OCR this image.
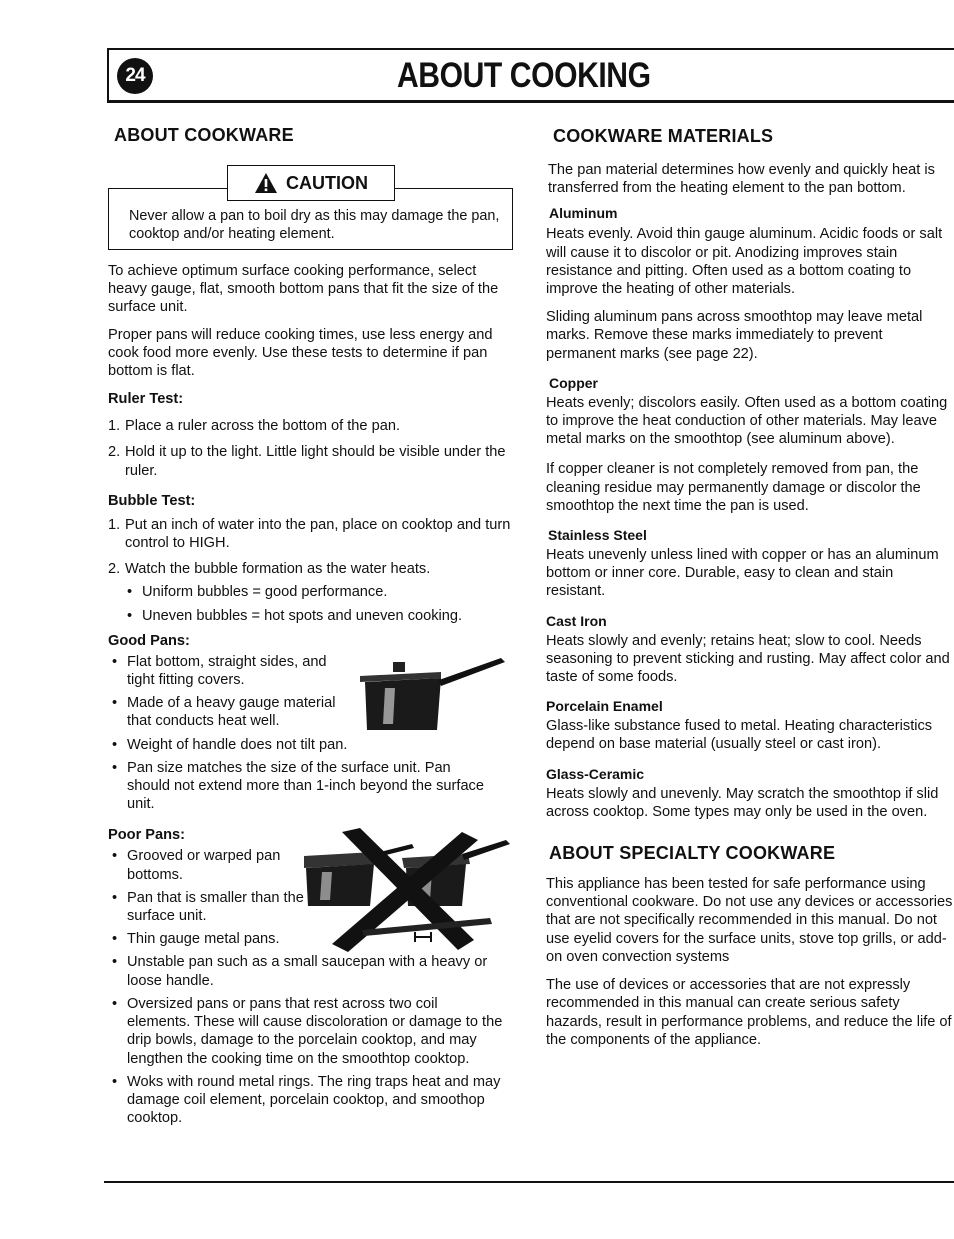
24	ABOUT COOKING
ABOUT COOKWARE
CAUTION

Never allow a pan to boil dry as this may damage the pan, cooktop and/or heating element.

To achieve optimum surface cooking performance, select heavy gauge, flat, smooth bottom pans that fit the size of the surface unit.

Proper pans will reduce cooking times, use less energy and cook food more evenly. Use these tests to determine if pan bottom is flat.

Ruler Test:
1. Place a ruler across the bottom of the pan.
2. Hold it up to the light. Little light should be visible under the ruler.
Bubble Test:
1. Put an inch of water into the pan, place on cooktop and turn control to HIGH.
2. Watch the bubble formation as the water heats.
• Uniform bubbles = good performance.
• Uneven bubbles = hot spots and uneven cooking.
Good Pans:
• Flat bottom, straight sides, and tight fitting covers.
• Made of a heavy gauge material that conducts heat well.
• Weight of handle does not tilt pan.
• Pan size matches the size of the surface unit. Pan should not extend more than 1-inch beyond the surface unit.
Poor Pans:
• Grooved or warped pan bottoms.
• Pan that is smaller than the surface unit.
• Thin gauge metal pans.
• Unstable pan such as a small saucepan with a heavy or loose handle.
• Oversized pans or pans that rest across two coil elements. These will cause discoloration or damage to the drip bowls, damage to the porcelain cooktop, and may lengthen the cooking time on the smoothtop cooktop.
• Woks with round metal rings. The ring traps heat and may damage coil element, porcelain cooktop, and smoothop cooktop.
COOKWARE MATERIALS

The pan material determines how evenly and quickly heat is transferred from the heating element to the pan bottom.

Aluminum

Heats evenly. Avoid thin gauge aluminum. Acidic foods or salt will cause it to discolor or pit. Anodizing improves stain resistance and pitting. Often used as a bottom coating to improve the heating of other materials.

Sliding aluminum pans across smoothtop may leave metal marks. Remove these marks immediately to prevent permanent marks (see page 22).

Copper

Heats evenly; discolors easily. Often used as a bottom coating to improve the heat conduction of other materials. May leave metal marks on the smoothtop (see aluminum above).

If copper cleaner is not completely removed from pan, the cleaning residue may permanently damage or discolor the smoothtop the next time the pan is used.

Stainless Steel

Heats unevenly unless lined with copper or has an aluminum bottom or inner core. Durable, easy to clean and stain resistant.

Cast Iron

Heats slowly and evenly; retains heat; slow to cool. Needs seasoning to prevent sticking and rusting. May affect color and taste of some foods.

Porcelain Enamel

Glass-like substance fused to metal. Heating characteristics depend on base material (usually steel or cast iron).

Glass-Ceramic

Heats slowly and unevenly. May scratch the smoothtop if slid across cooktop. Some types may only be used in the oven.

ABOUT SPECIALTY COOKWARE

This appliance has been tested for safe performance using conventional cookware. Do not use any devices or accessories that are not specifically recommended in this manual. Do not use eyelid covers for the surface units, stove top grills, or add-on oven convection systems

The use of devices or accessories that are not expressly recommended in this manual can create serious safety hazards, result in performance problems, and reduce the life of the components of the appliance.
